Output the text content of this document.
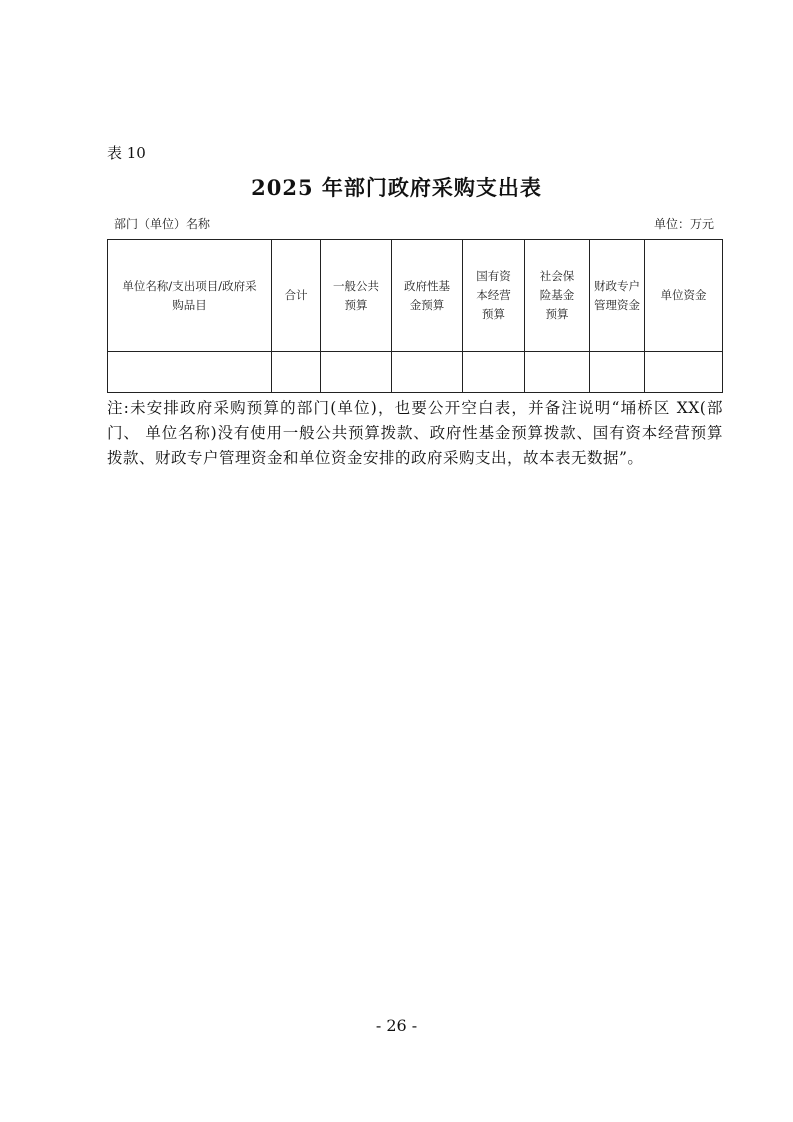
表 10
2025 年部门政府采购支出表
部门（单位）名称	单位：万元
单位名称/支出项目/政府采购品目	合计	一般公共预算	政府性基金预算	国有资本经营预算	社会保险基金预算	财政专户管理资金	单位资金

注:未安排政府采购预算的部门(单位)，也要公开空白表，并备注说明“埇桥区 XX(部门、 单位名称)没有使用一般公共预算拨款、政府性基金预算拨款、国有资本经营预算拨款、财政专户管理资金和单位资金安排的政府采购支出，故本表无数据”。
- 26 -
